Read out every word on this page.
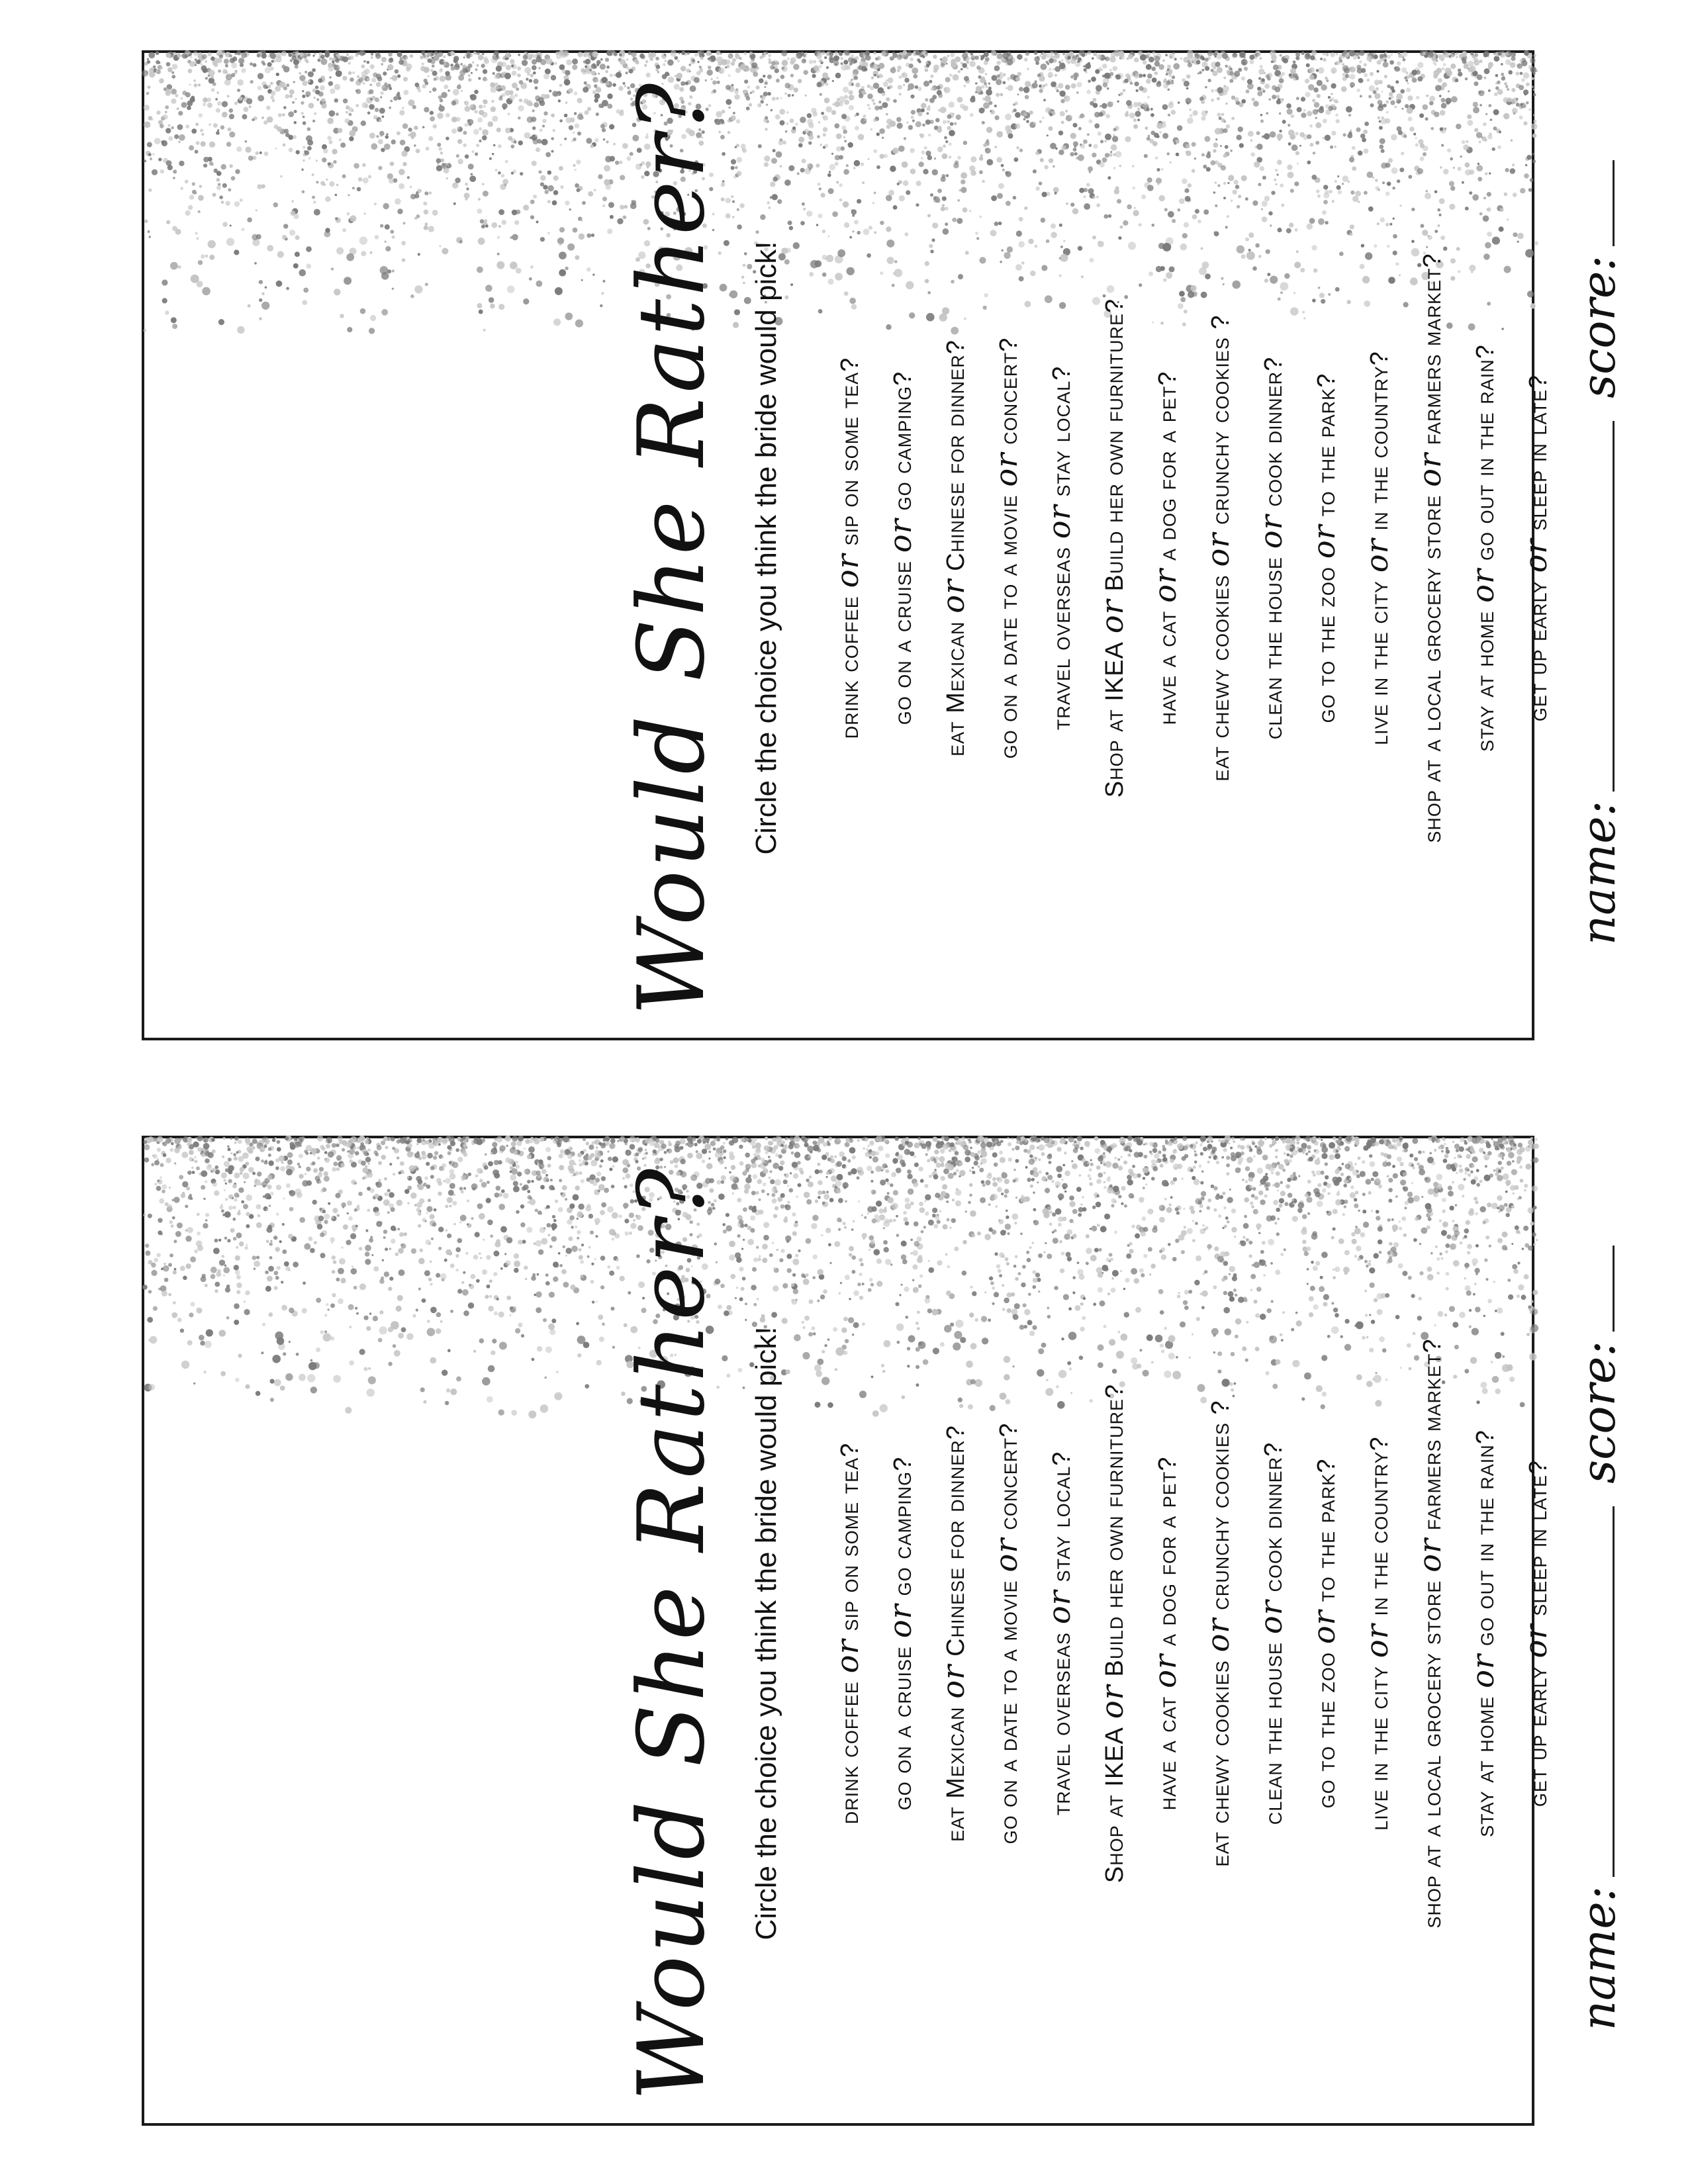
Would She Rather? Circle the choice you think the bride would pick!	drink coffeeorsip on some tea?
go on a cruiseorgo camping?
eat MexicanorChinese for dinner?
go on a date to a movieorconcert?
travel overseasorstay local?
Shop at IKEAorBuild her own furniture?
have a catora dog for a pet?
eat chewy cookiesorcrunchy cookies ?
clean the houseorcook dinner?
go to the zooorto the park?
live in the cityorin the country?
shop at a local grocery storeorfarmers market?
stay at homeorgo out in the rain?
get up earlyorsleep in late?
name:score:
Would She Rather? Circle the choice you think the bride would pick!	drink coffeeorsip on some tea?
go on a cruiseorgo camping?
eat MexicanorChinese for dinner?
go on a date to a movieorconcert?
travel overseasorstay local?
Shop at IKEAorBuild her own furniture?
have a catora dog for a pet?
eat chewy cookiesorcrunchy cookies ?
clean the houseorcook dinner?
go to the zooorto the park?
live in the cityorin the country?
shop at a local grocery storeorfarmers market?
stay at homeorgo out in the rain?
get up earlyorsleep in late?
name:score:
